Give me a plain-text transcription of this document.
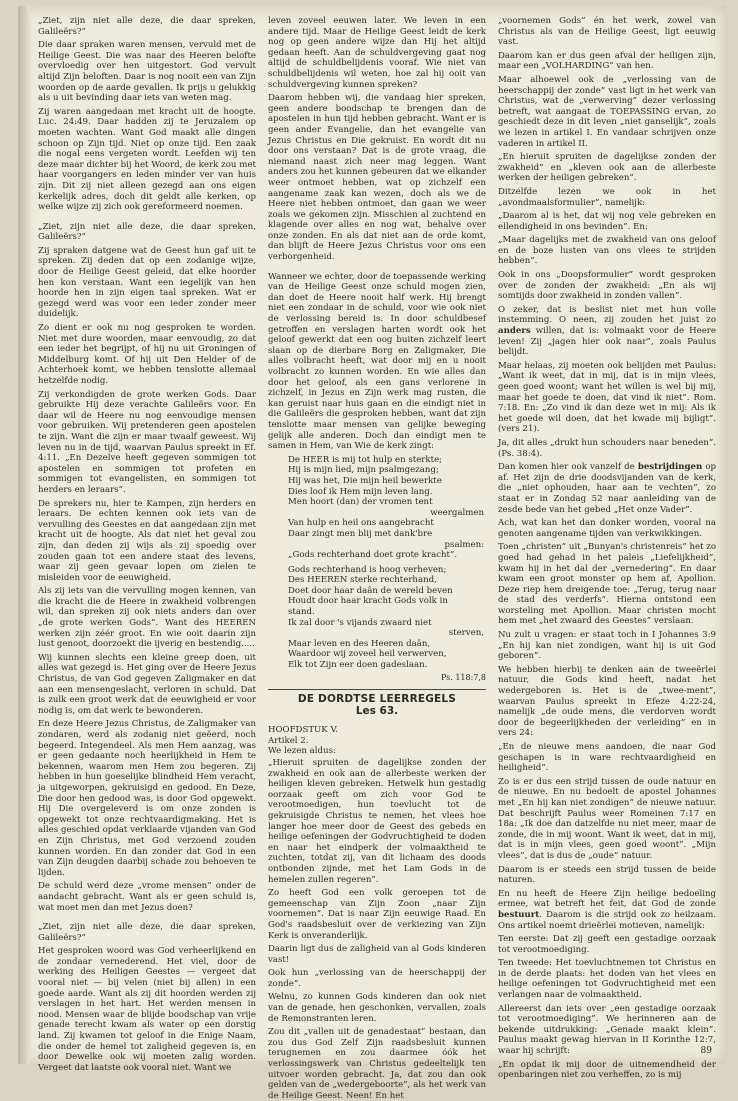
„Ziet, zijn niet alle deze, die daar spreken, Galileërs?”

Die daar spraken waren mensen, vervuld met de Heilige Geest. Die was naar des Heeren belofte overvloedig over hen uitgestort. God vervult altijd Zijn beloften. Daar is nog nooit een van Zijn woorden op de aarde gevallen. Ik prijs u gelukkig als u uit bevinding daar iets van weten mag.

Zij waren aangedaan met kracht uit de hoogte. Luc. 24:49. Daar hadden zij te Jeruzalem op moeten wachten. Want God maakt alle dingen schoon op Zijn tijd. Niet op onze tijd. Een zaak die nogal eens vergeten wordt. Leefden wij ten deze maar dichter bij het Woord, de kerk zou met haar voorgangers en leden minder ver van huis zijn. Dit zij niet alleen gezegd aan ons eigen kerkelijk adres, doch dit geldt alle kerken, op welke wijze zij zich ook gereformeerd noemen.

„Ziet, zijn niet alle deze, die daar spreken, Galileërs?”

Zij spraken datgene wat de Geest hun gaf uit te spreken. Zij deden dat op een zodanige wijze, door de Heilige Geest geleid, dat elke hoorder hen kon verstaan. Want een iegelijk van hen hoorde hen in zijn eigen taal spreken. Wat er gezegd werd was voor een ieder zonder meer duidelijk.

Zo dient er ook nu nog gesproken te worden. Niet met dure woorden, maar eenvoudig, zo dat een ieder het begrijpt, of hij nu uit Groningen of Middelburg komt. Of hij uit Den Helder of de Achterhoek komt, we hebben tenslotte allemaal hetzelfde nodig.

Zij verkondigden de grote werken Gods. Daar gebruikte Hij deze verachte Galileërs voor. En daar wil de Heere nu nog eenvoudige mensen voor gebruiken. Wij pretenderen geen apostelen te zijn. Want die zijn er maar twaalf geweest. Wij leven nu in de tijd, waarvan Paulus spreekt in Ef. 4:11. „En Dezelve heeft gegeven sommigen tot apostelen en sommigen tot profeten en sommigen tot evangelisten, en sommigen tot herders en leraars”.

De sprekers nu, hier te Kampen, zijn herders en leraars. De echten kennen ook iets van de vervulling des Geestes en dat aangedaan zijn met kracht uit de hoogte. Als dat niet het geval zou zijn, dan deden zij wijs als zij spoedig over zouden gaan tot een andere staat des levens, waar zij geen gevaar lopen om zielen te misleiden voor de eeuwigheid.

Als zij iets van die vervulling mogen kennen, van die kracht die de Heere in zwakheid volbrengen wil, dan spreken zij ook niets anders dan over „de grote werken Gods”. Want des HEEREN werken zijn zéér groot. En wie ooit daarin zijn lust genoot, doorzoekt die ijverig en bestendig.....

Wij kunnen slechts een kleine greep doen, uit alles wat gezegd is. Het ging over de Heere Jezus Christus, de van God gegeven Zaligmaker en dat aan een mensengeslacht, verloren in schuld. Dat is zulk een groot werk dat de eeuwigheid er voor nodig is, om dat werk te bewonderen.

En deze Heere Jezus Christus, de Zaligmaker van zondaren, werd als zodanig niet geëerd, noch begeerd. Integendeel. Als men Hem aanzag, was er geen gedaante noch heerlijkheid in Hem te bekennen, waarom men Hem zou begeren. Zij hebben in hun goeselijke blindheid Hem veracht, ja uitgeworpen, gekruisigd en gedood. En Deze, Die door hen gedood was, is door God opgewekt. Hij Die overgeleverd is om onze zonden is opgewekt tot onze rechtvaardigmaking. Het is alles geschied opdat verklaarde vijanden van God en Zijn Christus, met God verzoend zouden kunnen worden. En dan zonder dat God in een van Zijn deugden daarbij schade zou behoeven te lijden.

De schuld werd deze „vrome mensen” onder de aandacht gebracht. Want als er geen schuld is, wat moet men dan met Jezus doen?

„Ziet, zijn niet alle deze, die daar spreken, Galileërs?”

Het gesproken woord was God verheerlijkend en de zondaar vernederend. Het viel, door de werking des Heiligen Geestes — vergeet dat vooral niet — bij velen (niet bij allen) in een goede aarde. Want als zij dit hoorden werden zij verslagen in het hart. Het werden mensen in nood. Mensen waar de blijde boodschap van vrije genade terecht kwam als water op een dorstig land. Zij kwamen tot geloof in die Enige Naam, die onder de hemel tot zaligheid gegeven is, en door Dewelke ook wij moeten zalig worden. Vergeet dat laatste ook vooral niet. Want we

leven zoveel eeuwen later. We leven in een andere tijd. Maar de Heilige Geest leidt de kerk nog op geen andere wijze dan Hij het altijd gedaan heeft. Aan de schuldvergeving gaat nog altijd de schuldbelijdenis vooraf. Wie niet van schuldbelijdenis wil weten, hoe zal hij ooit van schuldvergeving kunnen spreken?

Daarom hebben wij, die vandaag hier spreken, geen andere boodschap te brengen dan de apostelen in hun tijd hebben gebracht. Want er is geen ander Evangelie, dan het evangelie van Jezus Christus en Die gekruist. En wordt dit nu door ons verstaan? Dat is de grote vraag, die niemand naast zich neer mag leggen. Want anders zou het kunnen gebeuren dat we elkander weer ontmoet hebben, wat op zichzelf een aangename zaak kan wezen, doch als we de Heere niet hebben ontmoet, dan gaan we weer zoals we gekomen zijn. Misschien al zuchtend en klagende over alles en nog wat, behalve over onze zonden. En als dat niet aan de orde komt, dan blijft de Heere Jezus Christus voor ons een verborgenheid.

Wanneer we echter, door de toepassende werking van de Heilige Geest onze schuld mogen zien, dan doet de Heere nooit half werk. Hij brengt niet een zondaar in de schuld, voor wie ook niet de verlossing bereid is. In door schuldbesef getroffen en verslagen harten wordt ook het geloof gewerkt dat een oog buiten zichzelf leert slaan op de dierbare Borg en Zaligmaker, Die alles volbracht heeft, wat door mij en u nooit volbracht zo kunnen worden. En wie alles dan door het geloof, als een gans verlorene in zichzelf, in Jezus en Zijn werk mag rusten, die kan geruist naar huis gaan en die eindigt niet in die Galileërs die gesproken hebben, want dat zijn tenslotte maar mensen van gelijke beweging gelijk alle anderen. Doch dan eindigt men te samen in Hem, van Wie de kerk zingt:

De HEER is mij tot hulp en sterkte;
Hij is mijn lied, mijn psalmgezang;
Hij was het, Die mijn heil bewerkte
Dies loof ik Hem mijn leven lang.
Men hoort (dan) der vromen tent
weergalmen
Van hulp en heil ons aangebracht
Daar zingt men blij met dank'bre
psalmen:
„Gods rechterhand doet grote kracht”.
Gods rechterhand is hoog verheven;
Des HEEREN sterke rechterhand,
Doet door haar daân de wereld beven
Houdt door haar kracht Gods volk in
stand.
Ik zal door 's vijands zwaard niet
sterven,
Maar leven en des Heeren daân,
Waardoor wij zoveel heil verwerven,
Elk tot Zijn eer doen gadeslaan.
Ps. 118:7,8
DE DORDTSE LEERREGELS
Les 63.

HOOFDSTUK V.

Artikel 2.

We lezen aldus:

„Hieruit spruiten de dagelijkse zonden der zwakheid en ook aan de allerbeste werken der heiligen kleven gebreken. Hetwelk hun gestadig oorzaak geeft om zich voor God te verootmoedigen, hun toevlucht tot de gekruisigde Christus te nemen, het vlees hoe langer hoe meer door de Geest des gebeds en heilige oefeningen der Godvruchtigheid te doden en naar het eindperk der volmaaktheid te zuchten, totdat zij, van dit lichaam des doods ontbonden zijnde, met het Lam Gods in de hemelen zullen regeren”.

Zo heeft God een volk geroepen tot de gemeenschap van Zijn Zoon „naar Zijn voornemen”. Dat is naar Zijn eeuwige Raad. En God's raadsbesluit over de verkiezing van Zijn Kerk is onveranderlijk.

Daarin ligt dus de zaligheid van al Gods kinderen vast!

Ook hun „verlossing van de heerschappij der zonde”.

Welnu, zo kunnen Gods kinderen dan ook niet van de genade, hen geschonken, vervallen, zoals de Remonstranten leren.

Zou dit „vallen uit de genadestaat” bestaan, dan zou dus God Zelf Zijn raadsbesluit kunnen terugnemen en zou daarmee óók het verlossingswerk van Christus gedeeltelijk ten uitvoer worden gebracht. Ja, dat zou dan ook gelden van de „wedergeboorte”, als het werk van de Heilige Geest. Neen! En het

„voornemen Gods” én het werk, zowel van Christus als van de Heilige Geest, ligt eeuwig vast.

Daarom kan er dus geen afval der heiligen zijn, maar een „VOLHARDING” van hen.

Maar alhoewel ook de „verlossing van de heerschappij der zonde” vast ligt in het werk van Christus, wat de „verwerving” dezer verlossing betreft, wat aangaat de TOEPASSING ervan, zo geschiedt deze in dit leven „niet ganselijk”, zoals we lezen in artikel I. En vandaar schrijven onze vaderen in artikel II.

„En hieruit spruiten de dagelijkse zonden der zwakheid” en „kleven ook aan de allerbeste werken der heiligen gebreken”.

Ditzelfde lezen we ook in het „avondmaalsformulier”, namelijk:

„Daarom al is het, dat wij nog vele gebreken en ellendigheid in ons bevinden”. En:

„Maar dagelijks met de zwakheid van ons geloof en de boze lusten van ons vlees te strijden hebben”.

Ook in ons „Doopsformulier” wordt gesproken over de zonden der zwakheid: „En als wij somtijds door zwakheid in zonden vallen”.

O zeker, dat is beslist niet met hun volle instemming. O neen, zij zouden het juist zo anders willen, dat is: volmaakt voor de Heere leven! Zij „jagen hier ook naar”, zoals Paulus belijdt.

Maar helaas, zij moeten ook belijden met Paulus: „Want ik weet, dat in mij, dat is in mijn vlees, geen goed woont; want het willen is wel bij mij, maar het goede te doen, dat vind ik niet”. Rom. 7:18. En: „Zo vind ik dan deze wet in mij: Als ik het goede wil doen, dat het kwade mij bijligt”. (vers 21).

Ja, dit alles „drukt hun schouders naar beneden”. (Ps. 38:4).

Dan komen hier ook vanzelf de bestrijdingen op af. Het zijn de drie doodsvijanden van de kerk, die „niet ophouden, haar aan te vechten”, zo staat er in Zondag 52 naar aanleiding van de zesde bede van het gebed „Het onze Vader”.

Ach, wat kan het dan donker worden, vooral na genoten aangename tijden van verkwikkingen.

Toen „christen” uit „Bunyan's christenreis” het zo goed had gehad in het paleis „Liefelijkheid”, kwam hij in het dal der „vernedering”. En daar kwam een groot monster op hem af, Apollion. Deze riep hem dreigende toe: „Terug, terug naar de stad des verderfs”. Hierna ontstond een worsteling met Apollion. Maar christen mocht hem met „het zwaard des Geestes” verslaan.

Nu zult u vragen: er staat toch in I Johannes 3:9 „En hij kan niet zondigen, want hij is uit God geboren”.

We hebben hierbij te denken aan de tweeërlei natuur, die Gods kind heeft, nadat het wedergeboren is. Het is de „twee-ment”, waarvan Paulus spreekt in Efeze 4:22-24, namelijk „de oude mens, die verdorven wordt door de begeerlijkheden der verleiding” en in vers 24:

„En de nieuwe mens aandoen, die naar God geschapen is in ware rechtvaardigheid en heiligheid”.

Zo is er dus een strijd tussen de oude natuur en de nieuwe. En nu bedoelt de apostel Johannes met „En hij kan niet zondigen” de nieuwe natuur. Dat beschrijft Paulus weer Romeinen 7:17 en 18a: „Ik doe dan datzelfde nu niet meer, maar de zonde, die in mij woont. Want ik weet, dat in mij, dat is in mijn vlees, geen goed woont”. „Mijn vlees”, dat is dus de „oude” natuur.

Daarom is er steeds een strijd tussen de beide naturen.

En nu heeft de Heere Zijn heilige bedoeling ermee, wat betreft het feit, dat God de zonde bestuurt. Daarom is die strijd ook zo heilzaam. Ons artikel noemt drieërlei motieven, namelijk:

Ten eerste: Dat zij geeft een gestadige oorzaak tot verootmoediging.

Ten tweede: Het toevluchtnemen tot Christus en in de derde plaats: het doden van het vlees en heilige oefeningen tot Godvruchtigheid met een verlangen naar de volmaaktheid.

Allereerst dan iets over „een gestadige oorzaak tot verootmoediging”. We herinneren aan de bekende uitdrukking: „Genade maakt klein”. Paulus maakt gewag hiervan in II Korinthe 12:7, waar hij schrijft:

„En opdat ik mij door de uitnemendheid der openbaringen niet zou verheffen, zo is mij

89
